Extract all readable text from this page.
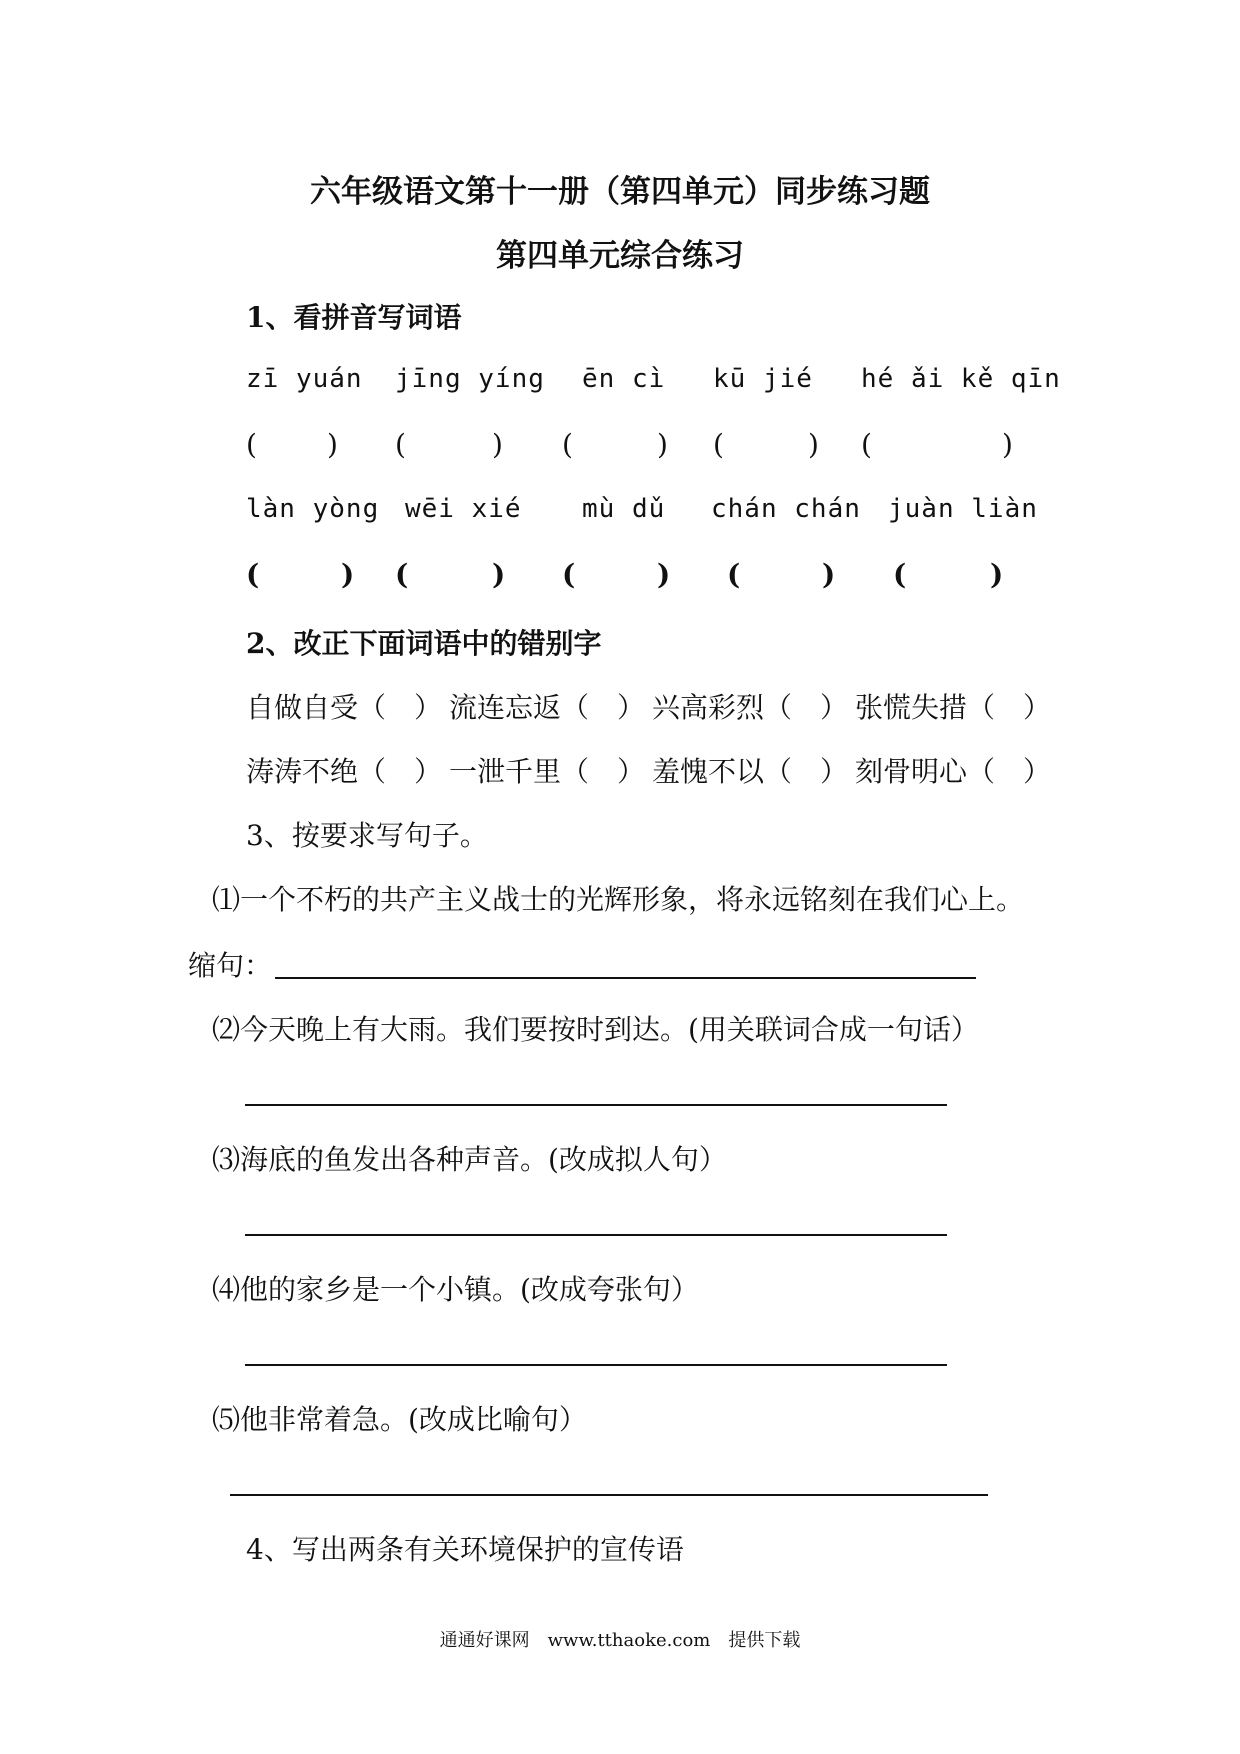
六年级语文第十一册（第四单元）同步练习题
第四单元综合练习
1、看拼音写词语
zī yuán jīng yíng ēn cì kū jié hé ǎi kě qīn
(	) (	) (	) (	) (	)
làn yòng wēi xié mù dǔ chán chán juàn liàn
(	) (	) (	) (	) (	)
2、改正下面词语中的错别字
自做自受（　） 流连忘返（　） 兴高彩烈（　） 张慌失措（　）
涛涛不绝（　） 一泄千里（　） 羞愧不以（　） 刻骨明心（　）
3、按要求写句子。
⑴一个不朽的共产主义战士的光辉形象，将永远铭刻在我们心上。
缩句：
⑵今天晚上有大雨。我们要按时到达。(用关联词合成一句话）
⑶海底的鱼发出各种声音。(改成拟人句）
⑷他的家乡是一个小镇。(改成夸张句）
⑸他非常着急。(改成比喻句）
4、写出两条有关环境保护的宣传语
通通好课网　www.tthaoke.com　提供下载
